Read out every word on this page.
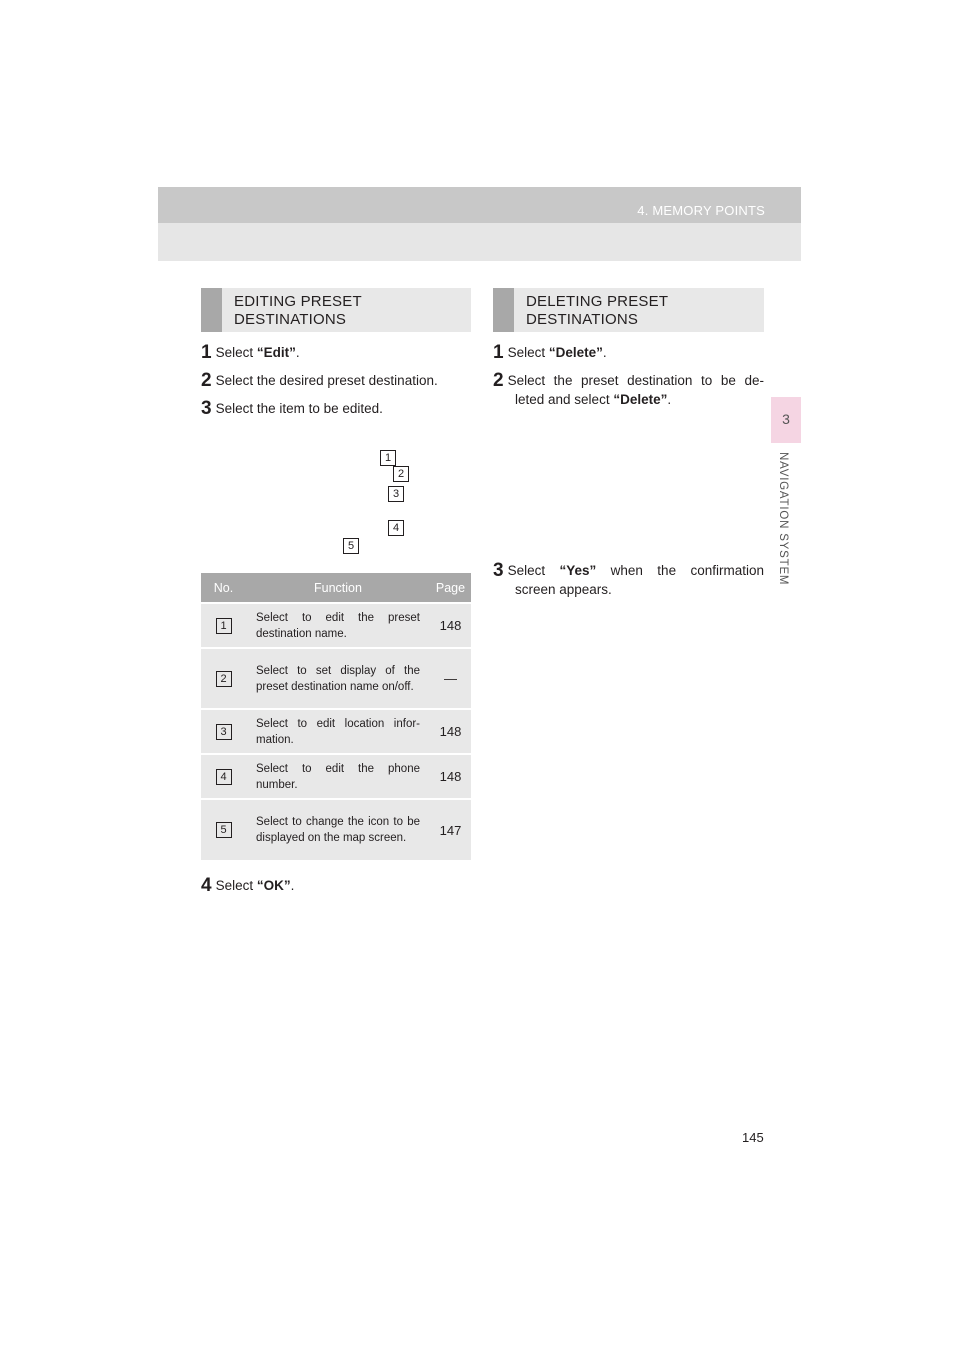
4. MEMORY POINTS
3
NAVIGATION SYSTEM
EDITING PRESET
DESTINATIONS
1 Select “Edit”.
2 Select the desired preset destination.
3 Select the item to be edited.
1
2
3
4
5
No.	Function	Page
1	Select to edit the preset destination name.	148
2	Select to set display of the preset destination name on/off.	—
3	Select to edit location infor- mation.	148
4	Select to edit the phone number.	148
5	Select to change the icon to be displayed on the map screen.	147
4 Select “OK”.
DELETING PRESET
DESTINATIONS
1 Select “Delete”.
2 Select the preset destination to be de-
leted and select “Delete”.
3 Select “Yes” when the confirmation
screen appears.
145
